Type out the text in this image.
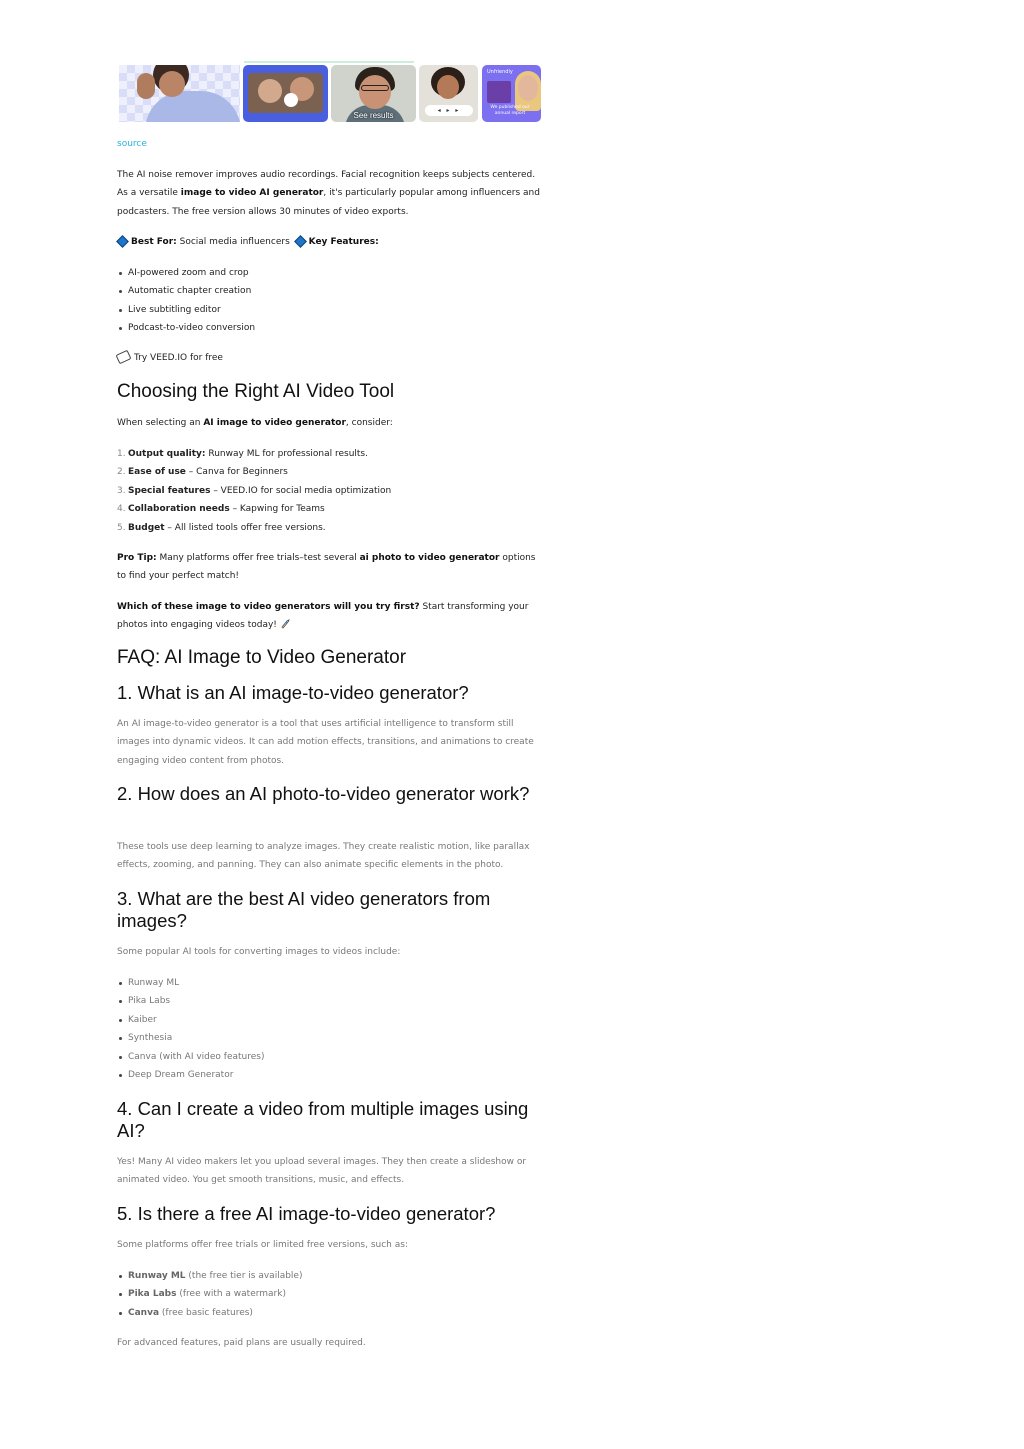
See results
◂ ▸ ▸
Unfriendly
We published our annual report
source

The AI noise remover improves audio recordings. Facial recognition keeps subjects centered. As a versatile image to video AI generator, it's particularly popular among influencers and podcasters. The free version allows 30 minutes of video exports.

Best For: Social media influencers Key Features:

AI-powered zoom and crop
Automatic chapter creation
Live subtitling editor
Podcast-to-video conversion

Try VEED.IO for free

Choosing the Right AI Video Tool

When selecting an AI image to video generator, consider:

1. Output quality: Runway ML for professional results.
2. Ease of use – Canva for Beginners
3. Special features – VEED.IO for social media optimization
4. Collaboration needs – Kapwing for Teams
5. Budget – All listed tools offer free versions.

Pro Tip: Many platforms offer free trials–test several ai photo to video generator options to find your perfect match!

Which of these image to video generators will you try first? Start transforming your photos into engaging videos today!

FAQ: AI Image to Video Generator
1. What is an AI image-to-video generator?

An AI image-to-video generator is a tool that uses artificial intelligence to transform still images into dynamic videos. It can add motion effects, transitions, and animations to create engaging video content from photos.

2. How does an AI photo-to-video generator work?

These tools use deep learning to analyze images. They create realistic motion, like parallax effects, zooming, and panning. They can also animate specific elements in the photo.

3. What are the best AI video generators from images?

Some popular AI tools for converting images to videos include:

Runway ML
Pika Labs
Kaiber
Synthesia
Canva (with AI video features)
Deep Dream Generator
4. Can I create a video from multiple images using AI?

Yes! Many AI video makers let you upload several images. They then create a slideshow or animated video. You get smooth transitions, music, and effects.

5. Is there a free AI image-to-video generator?

Some platforms offer free trials or limited free versions, such as:

Runway ML (the free tier is available)
Pika Labs (free with a watermark)
Canva (free basic features)

For advanced features, paid plans are usually required.
